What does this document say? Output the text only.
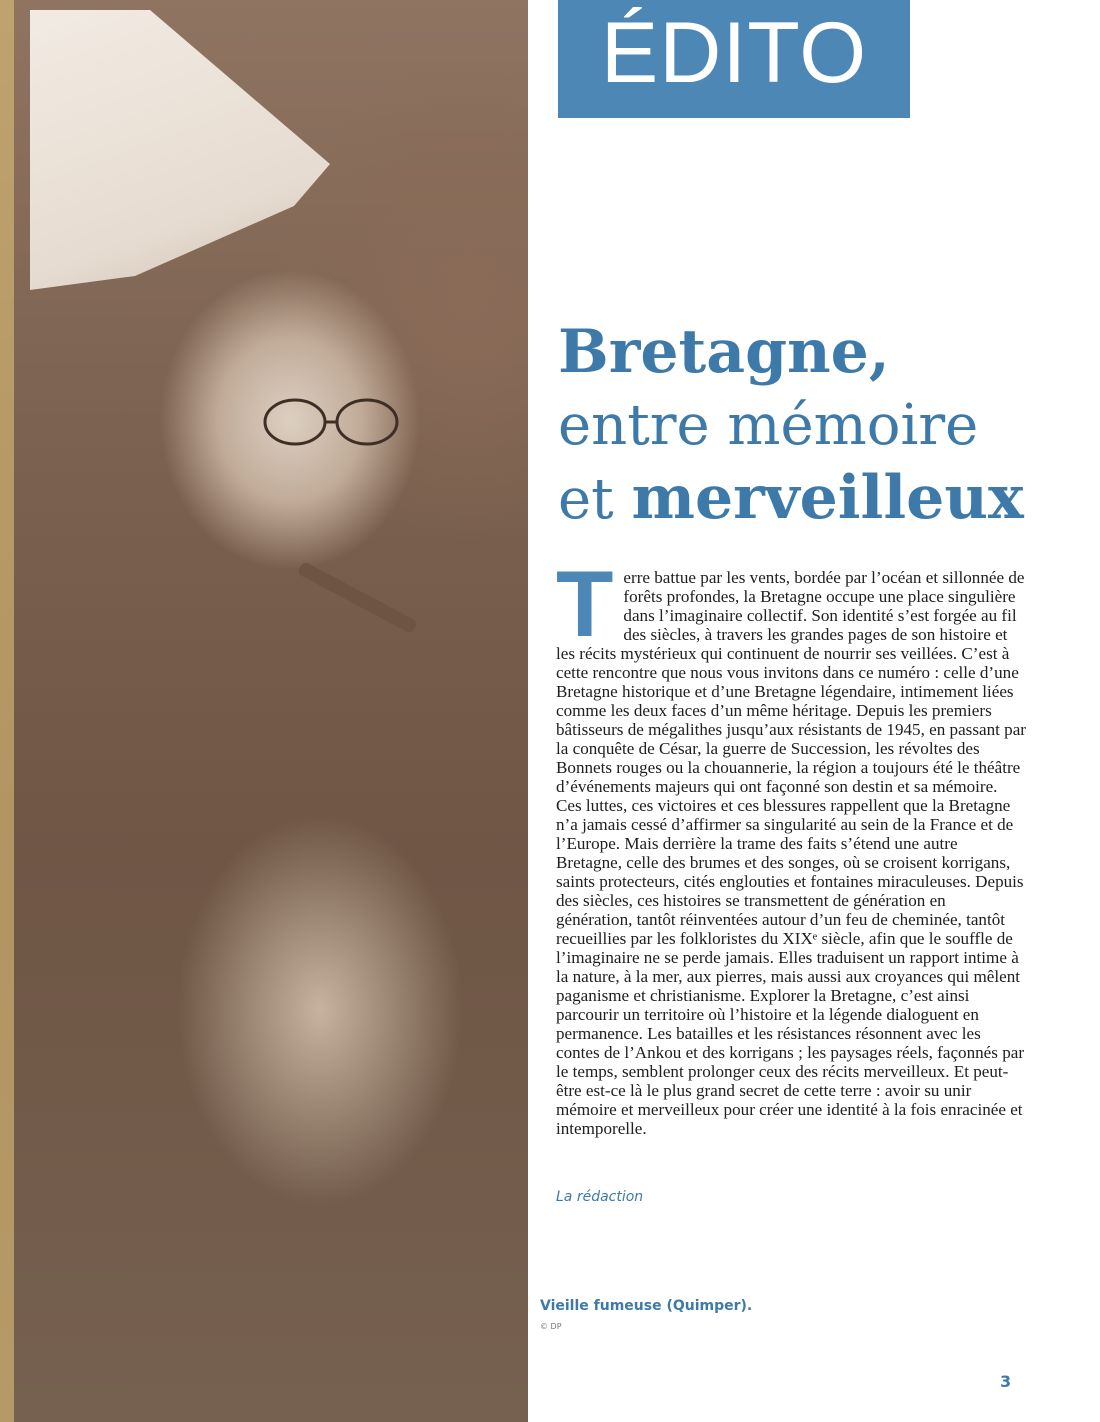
ÉDITO
Bretagne,
entre mémoire
et merveilleux

Terre battue par les vents, bordée par l’océan et sillonnée de forêts profondes, la Bretagne occupe une place singulière dans l’imaginaire collectif. Son identité s’est forgée au fil des siècles, à travers les grandes pages de son histoire et les récits mystérieux qui continuent de nourrir ses veillées. C’est à cette rencontre que nous vous invitons dans ce numéro : celle d’une Bretagne historique et d’une Bretagne légendaire, intimement liées comme les deux faces d’un même héritage. Depuis les premiers bâtisseurs de mégalithes jusqu’aux résistants de 1945, en passant par la conquête de César, la guerre de Succession, les révoltes des Bonnets rouges ou la chouannerie, la région a toujours été le théâtre d’événements majeurs qui ont façonné son destin et sa mémoire. Ces luttes, ces victoires et ces blessures rappellent que la Bretagne n’a jamais cessé d’affirmer sa singularité au sein de la France et de l’Europe. Mais derrière la trame des faits s’étend une autre Bretagne, celle des brumes et des songes, où se croisent korrigans, saints protecteurs, cités englouties et fontaines miraculeuses. Depuis des siècles, ces histoires se transmettent de génération en génération, tantôt réinventées autour d’un feu de cheminée, tantôt recueillies par les folkloristes du XIXᵉ siècle, afin que le souffle de l’imaginaire ne se perde jamais. Elles traduisent un rapport intime à la nature, à la mer, aux pierres, mais aussi aux croyances qui mêlent paganisme et christianisme. Explorer la Bretagne, c’est ainsi parcourir un territoire où l’histoire et la légende dialoguent en permanence. Les batailles et les résistances résonnent avec les contes de l’Ankou et des korrigans ; les paysages réels, façonnés par le temps, semblent prolonger ceux des récits merveilleux. Et peut-être est-ce là le plus grand secret de cette terre : avoir su unir mémoire et merveilleux pour créer une identité à la fois enracinée et intemporelle.

La rédaction
Vieille fumeuse (Quimper).
© DP
3
